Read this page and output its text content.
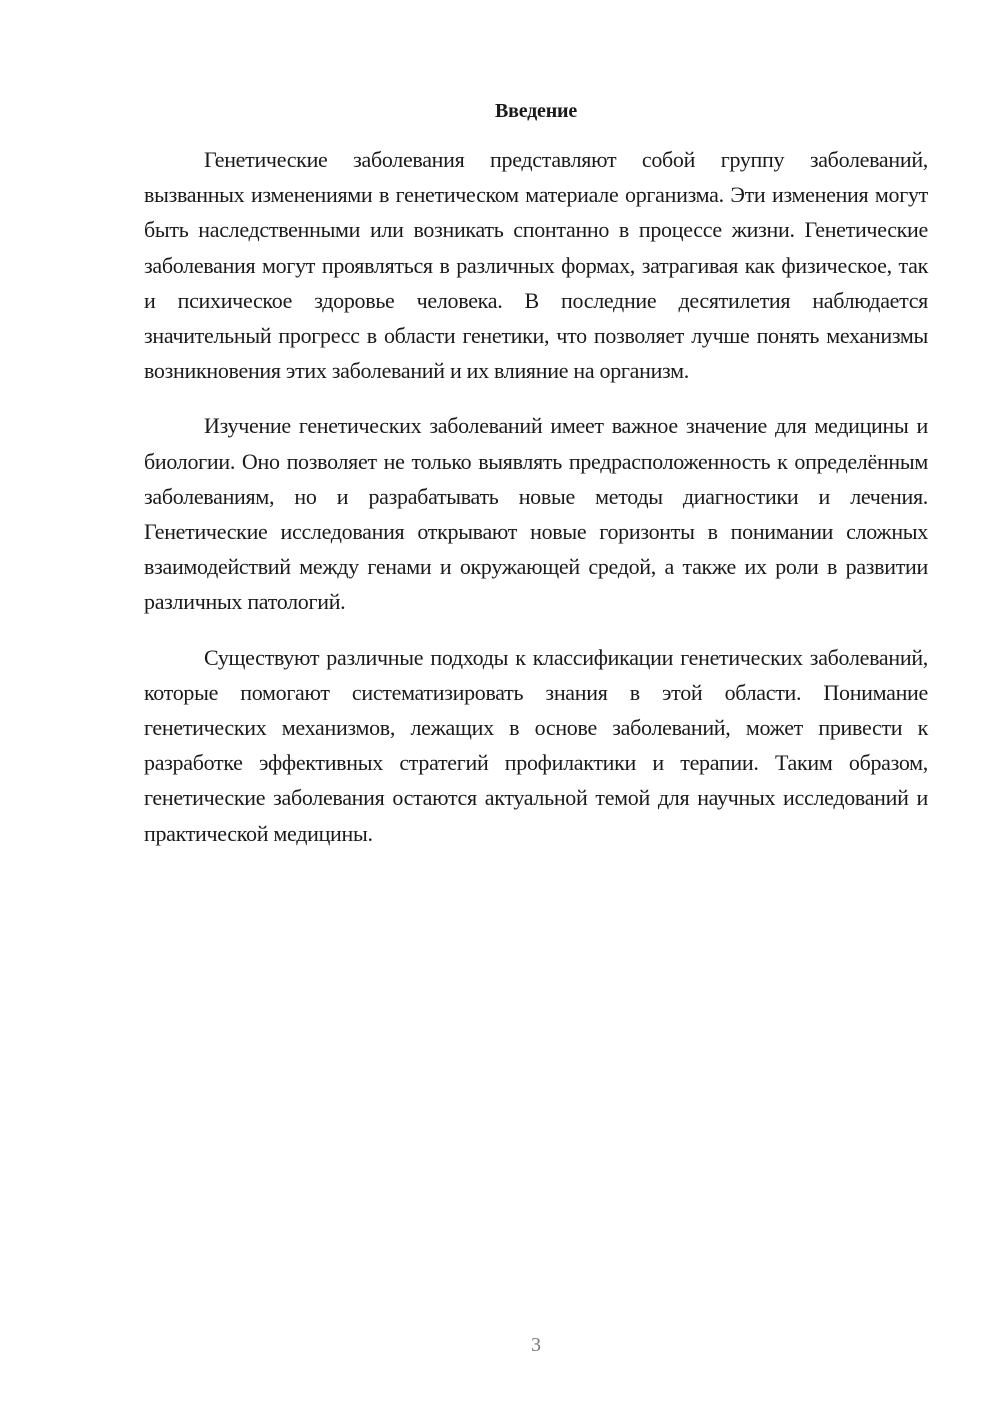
Введение

Генетические заболевания представляют собой группу заболеваний, вызванных изменениями в генетическом материале организма. Эти изменения могут быть наследственными или возникать спонтанно в процессе жизни. Генетические заболевания могут проявляться в различных формах, затрагивая как физическое, так и психическое здоровье человека. В последние десятилетия наблюдается значительный прогресс в области генетики, что позволяет лучше понять механизмы возникновения этих заболеваний и их влияние на организм.

Изучение генетических заболеваний имеет важное значение для медицины и биологии. Оно позволяет не только выявлять предрасположенность к определённым заболеваниям, но и разрабатывать новые методы диагностики и лечения. Генетические исследования открывают новые горизонты в понимании сложных взаимодействий между генами и окружающей средой, а также их роли в развитии различных патологий.

Существуют различные подходы к классификации генетических заболеваний, которые помогают систематизировать знания в этой области. Понимание генетических механизмов, лежащих в основе заболеваний, может привести к разработке эффективных стратегий профилактики и терапии. Таким образом, генетические заболевания остаются актуальной темой для научных исследований и практической медицины.

3
